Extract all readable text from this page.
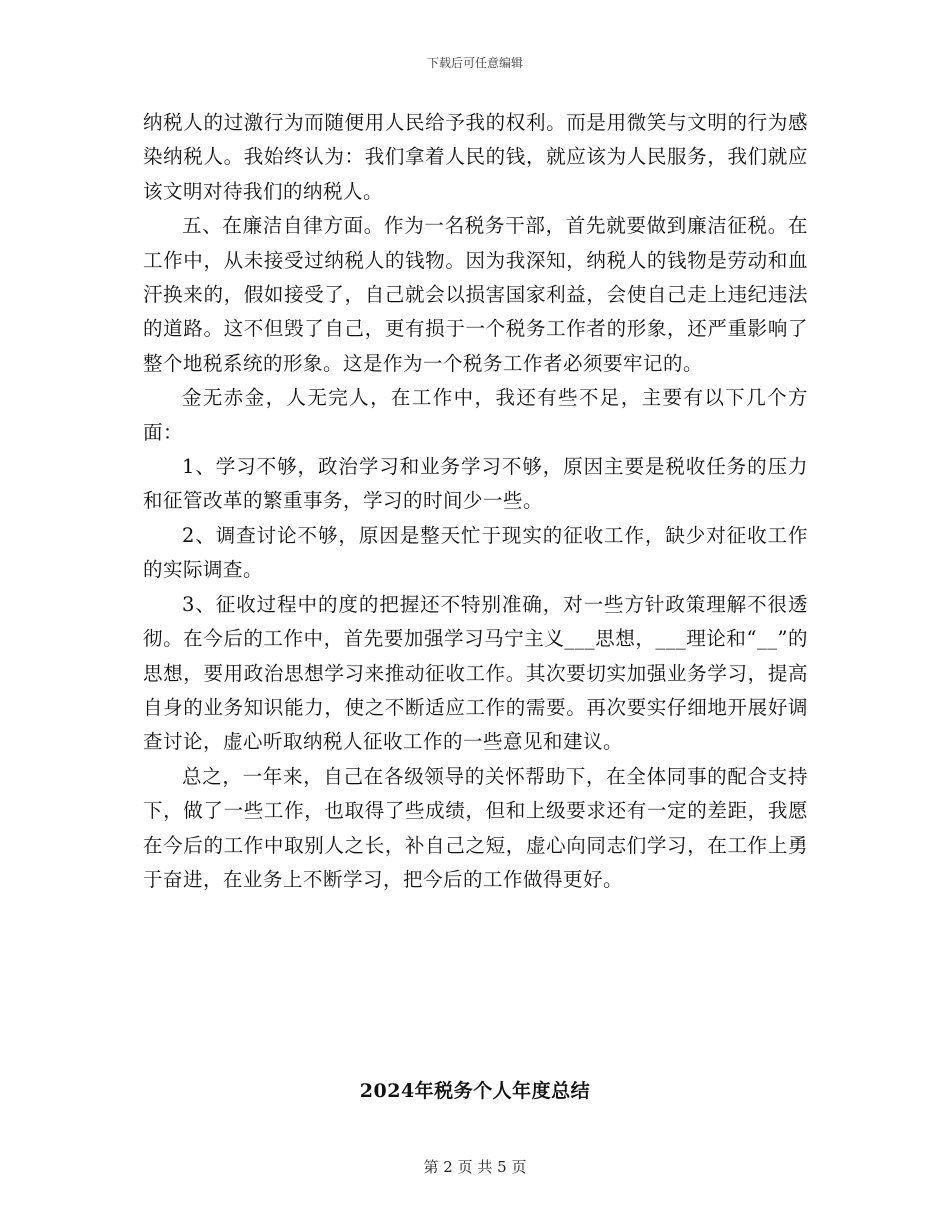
下载后可任意编辑

纳税人的过激行为而随便用人民给予我的权利。而是用微笑与文明的行为感染纳税人。我始终认为：我们拿着人民的钱，就应该为人民服务，我们就应该文明对待我们的纳税人。

五、在廉洁自律方面。作为一名税务干部，首先就要做到廉洁征税。在工作中，从未接受过纳税人的钱物。因为我深知，纳税人的钱物是劳动和血汗换来的，假如接受了，自己就会以损害国家利益，会使自己走上违纪违法的道路。这不但毁了自己，更有损于一个税务工作者的形象，还严重影响了整个地税系统的形象。这是作为一个税务工作者必须要牢记的。

金无赤金，人无完人，在工作中，我还有些不足，主要有以下几个方面：

1、学习不够，政治学习和业务学习不够，原因主要是税收任务的压力和征管改革的繁重事务，学习的时间少一些。

2、调查讨论不够，原因是整天忙于现实的征收工作，缺少对征收工作的实际调查。

3、征收过程中的度的把握还不特别准确，对一些方针政策理解不很透彻。在今后的工作中，首先要加强学习马宁主义___思想，___理论和“__”的思想，要用政治思想学习来推动征收工作。其次要切实加强业务学习，提高自身的业务知识能力，使之不断适应工作的需要。再次要实仔细地开展好调查讨论，虚心听取纳税人征收工作的一些意见和建议。

总之，一年来，自己在各级领导的关怀帮助下，在全体同事的配合支持下，做了一些工作，也取得了些成绩，但和上级要求还有一定的差距，我愿在今后的工作中取别人之长，补自己之短，虚心向同志们学习，在工作上勇于奋进，在业务上不断学习，把今后的工作做得更好。

2024年税务个人年度总结
第 2 页 共 5 页
